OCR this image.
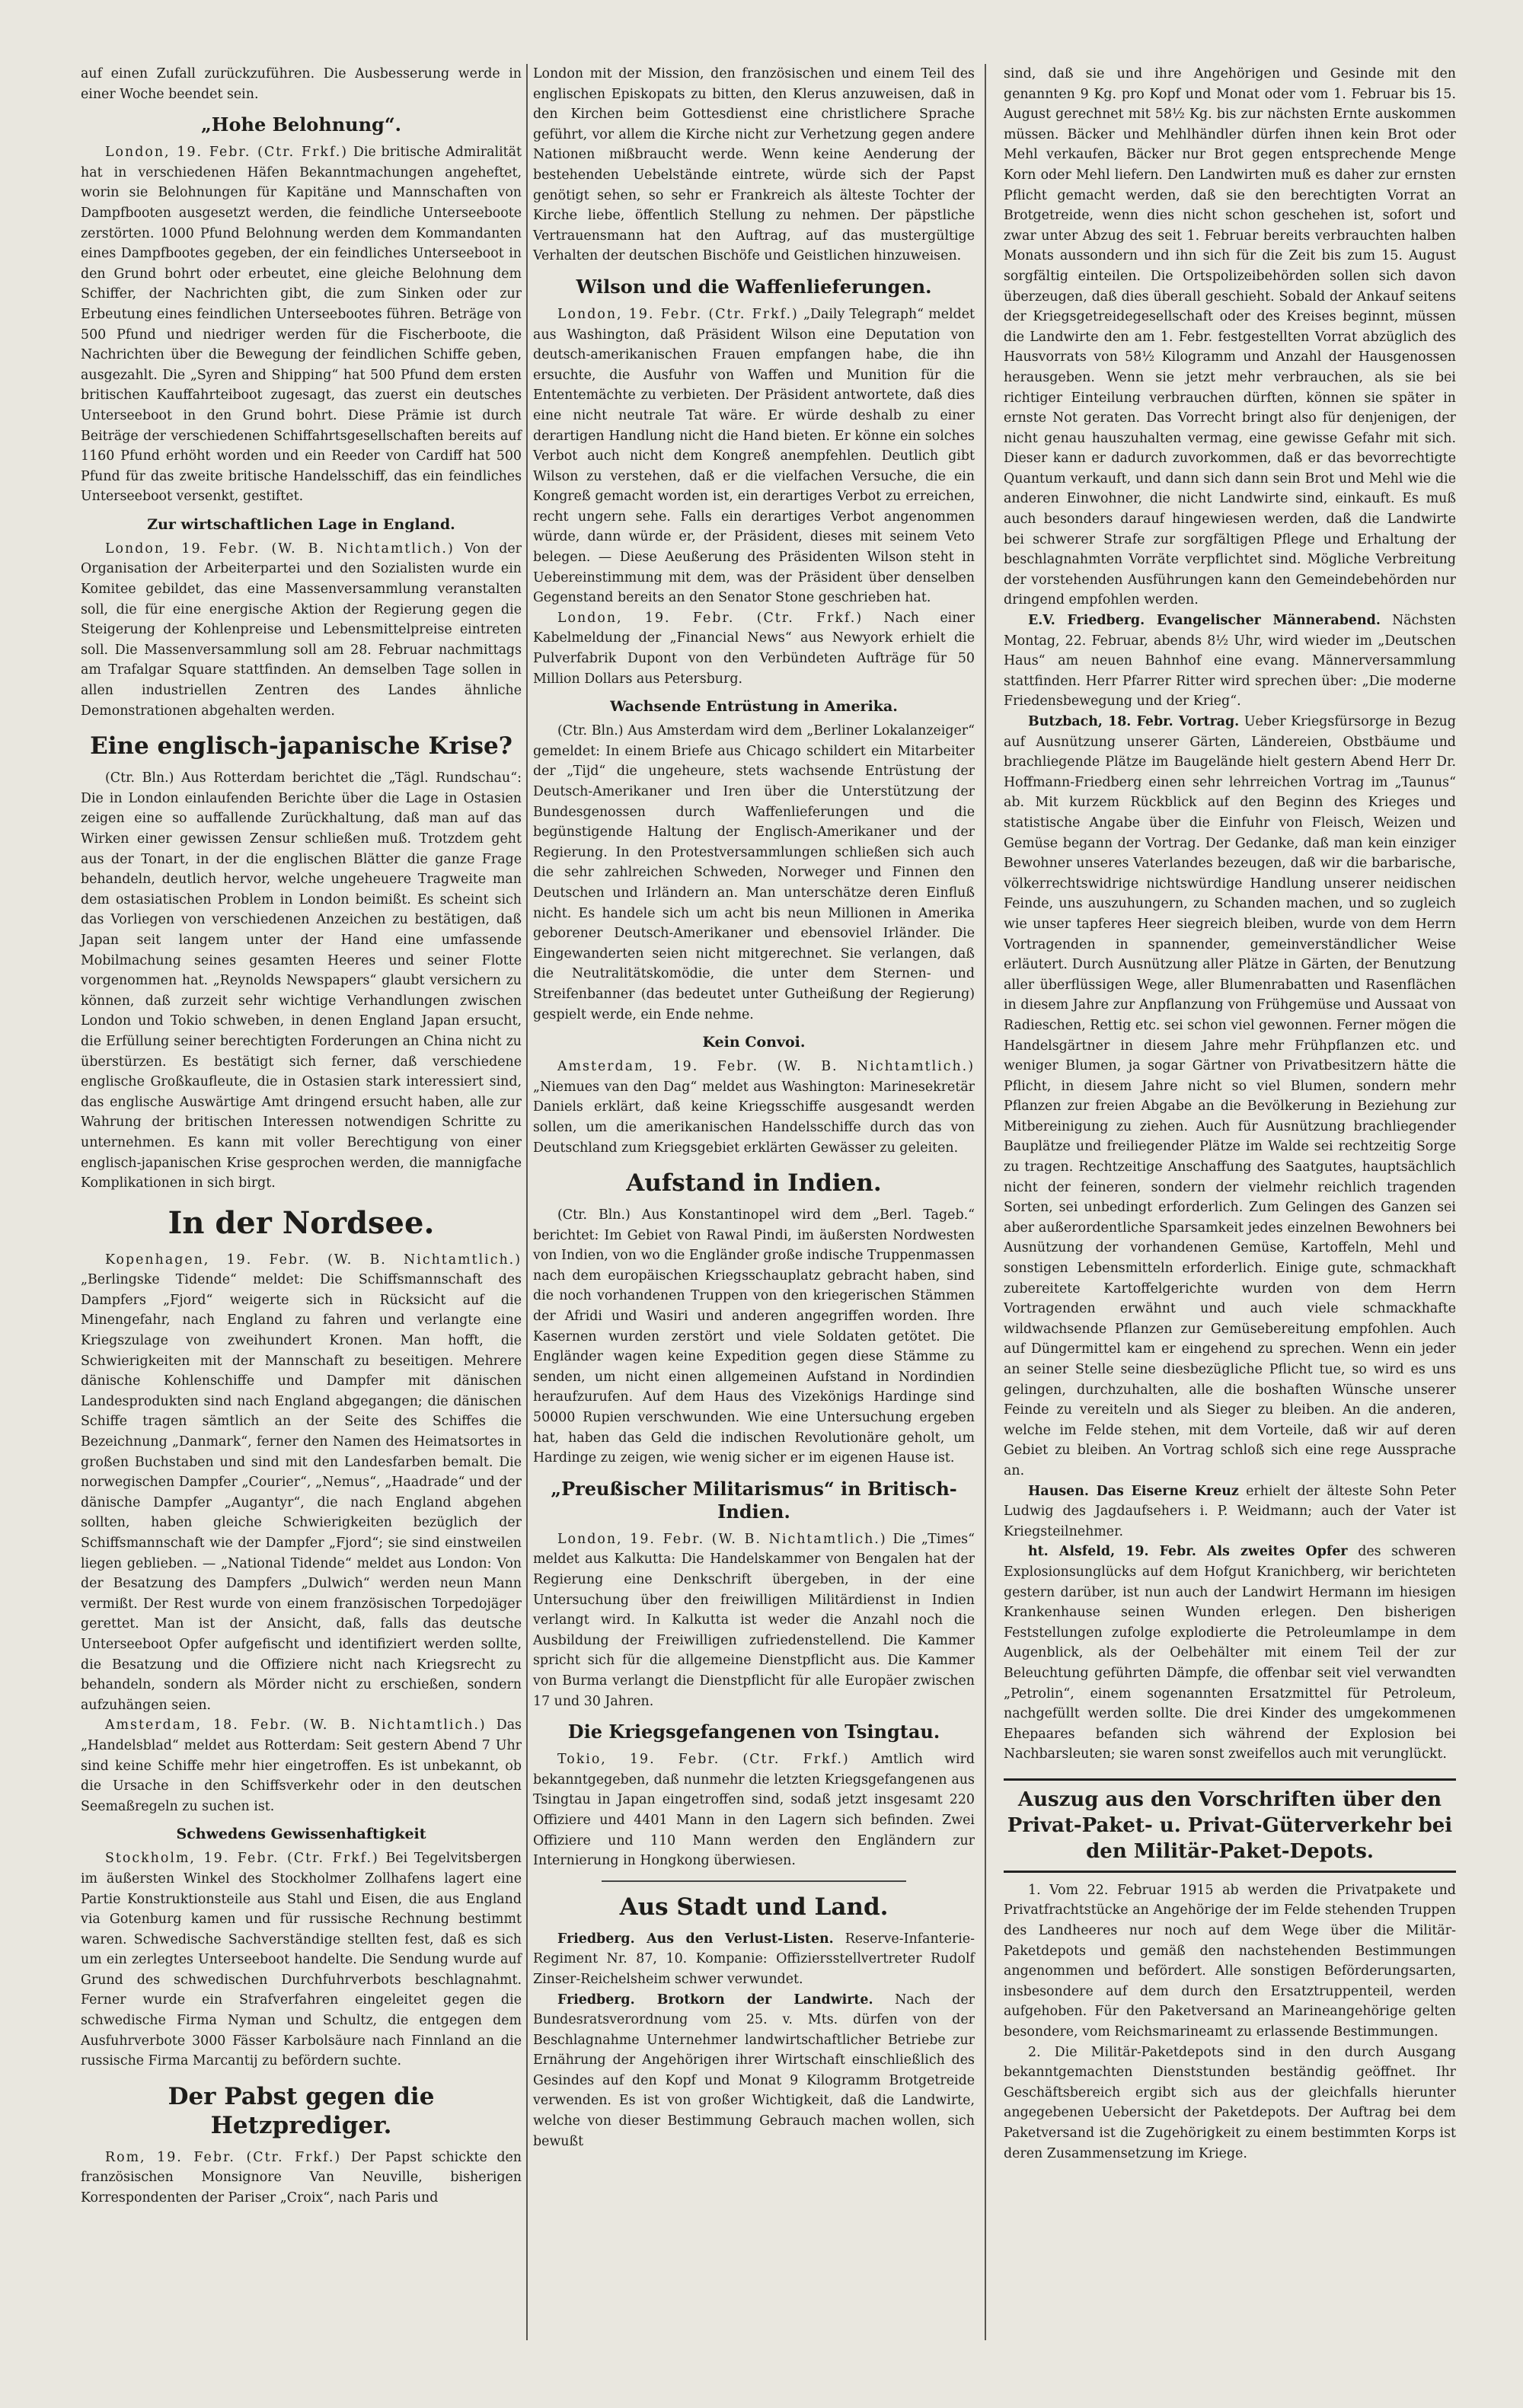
auf einen Zufall zurückzuführen. Die Ausbesserung werde in einer Woche beendet sein.

„Hohe Belohnung“.

London, 19. Febr. (Ctr. Frkf.) Die britische Admiralität hat in verschiedenen Häfen Bekanntmachungen angeheftet, worin sie Belohnungen für Kapitäne und Mannschaften von Dampfbooten ausgesetzt werden, die feindliche Unterseeboote zerstörten. 1000 Pfund Belohnung werden dem Kommandanten eines Dampfbootes gegeben, der ein feindliches Unterseeboot in den Grund bohrt oder erbeutet, eine gleiche Belohnung dem Schiffer, der Nachrichten gibt, die zum Sinken oder zur Erbeutung eines feindlichen Unterseebootes führen. Beträge von 500 Pfund und niedriger werden für die Fischerboote, die Nachrichten über die Bewegung der feindlichen Schiffe geben, ausgezahlt. Die „Syren and Shipping“ hat 500 Pfund dem ersten britischen Kauffahrteiboot zugesagt, das zuerst ein deutsches Unterseeboot in den Grund bohrt. Diese Prämie ist durch Beiträge der verschiedenen Schiffahrtsgesellschaften bereits auf 1160 Pfund erhöht worden und ein Reeder von Cardiff hat 500 Pfund für das zweite britische Handelsschiff, das ein feindliches Unterseeboot versenkt, gestiftet.

Zur wirtschaftlichen Lage in England.

London, 19. Febr. (W. B. Nichtamtlich.) Von der Organisation der Arbeiterpartei und den Sozialisten wurde ein Komitee gebildet, das eine Massenversammlung veranstalten soll, die für eine energische Aktion der Regierung gegen die Steigerung der Kohlenpreise und Lebensmittelpreise eintreten soll. Die Massenversammlung soll am 28. Februar nachmittags am Trafalgar Square stattfinden. An demselben Tage sollen in allen industriellen Zentren des Landes ähnliche Demonstrationen abgehalten werden.

Eine englisch-japanische Krise?

(Ctr. Bln.) Aus Rotterdam berichtet die „Tägl. Rundschau“: Die in London einlaufenden Berichte über die Lage in Ostasien zeigen eine so auffallende Zurückhaltung, daß man auf das Wirken einer gewissen Zensur schließen muß. Trotzdem geht aus der Tonart, in der die englischen Blätter die ganze Frage behandeln, deutlich hervor, welche ungeheuere Tragweite man dem ostasiatischen Problem in London beimißt. Es scheint sich das Vorliegen von verschiedenen Anzeichen zu bestätigen, daß Japan seit langem unter der Hand eine umfassende Mobilmachung seines gesamten Heeres und seiner Flotte vorgenommen hat. „Reynolds Newspapers“ glaubt versichern zu können, daß zurzeit sehr wichtige Verhandlungen zwischen London und Tokio schweben, in denen England Japan ersucht, die Erfüllung seiner berechtigten Forderungen an China nicht zu überstürzen. Es bestätigt sich ferner, daß verschiedene englische Großkaufleute, die in Ostasien stark interessiert sind, das englische Auswärtige Amt dringend ersucht haben, alle zur Wahrung der britischen Interessen notwendigen Schritte zu unternehmen. Es kann mit voller Berechtigung von einer englisch-japanischen Krise gesprochen werden, die mannigfache Komplikationen in sich birgt.

In der Nordsee.

Kopenhagen, 19. Febr. (W. B. Nichtamtlich.) „Berlingske Tidende“ meldet: Die Schiffsmannschaft des Dampfers „Fjord“ weigerte sich in Rücksicht auf die Minengefahr, nach England zu fahren und verlangte eine Kriegszulage von zweihundert Kronen. Man hofft, die Schwierigkeiten mit der Mannschaft zu beseitigen. Mehrere dänische Kohlenschiffe und Dampfer mit dänischen Landesprodukten sind nach England abgegangen; die dänischen Schiffe tragen sämtlich an der Seite des Schiffes die Bezeichnung „Danmark“, ferner den Namen des Heimatsortes in großen Buchstaben und sind mit den Landesfarben bemalt. Die norwegischen Dampfer „Courier“, „Nemus“, „Haadrade“ und der dänische Dampfer „Augantyr“, die nach England abgehen sollten, haben gleiche Schwierigkeiten bezüglich der Schiffsmannschaft wie der Dampfer „Fjord“; sie sind einstweilen liegen geblieben. — „National Tidende“ meldet aus London: Von der Besatzung des Dampfers „Dulwich“ werden neun Mann vermißt. Der Rest wurde von einem französischen Torpedojäger gerettet. Man ist der Ansicht, daß, falls das deutsche Unterseeboot Opfer aufgefischt und identifiziert werden sollte, die Besatzung und die Offiziere nicht nach Kriegsrecht zu behandeln, sondern als Mörder nicht zu erschießen, sondern aufzuhängen seien.

Amsterdam, 18. Febr. (W. B. Nichtamtlich.) Das „Handelsblad“ meldet aus Rotterdam: Seit gestern Abend 7 Uhr sind keine Schiffe mehr hier eingetroffen. Es ist unbekannt, ob die Ursache in den Schiffsverkehr oder in den deutschen Seemaßregeln zu suchen ist.

Schwedens Gewissenhaftigkeit

Stockholm, 19. Febr. (Ctr. Frkf.) Bei Tegelvitsbergen im äußersten Winkel des Stockholmer Zollhafens lagert eine Partie Konstruktionsteile aus Stahl und Eisen, die aus England via Gotenburg kamen und für russische Rechnung bestimmt waren. Schwedische Sachverständige stellten fest, daß es sich um ein zerlegtes Unterseeboot handelte. Die Sendung wurde auf Grund des schwedischen Durchfuhrverbots beschlagnahmt. Ferner wurde ein Strafverfahren eingeleitet gegen die schwedische Firma Nyman und Schultz, die entgegen dem Ausfuhrverbote 3000 Fässer Karbolsäure nach Finnland an die russische Firma Marcantij zu befördern suchte.

Der Pabst gegen die Hetzprediger.

Rom, 19. Febr. (Ctr. Frkf.) Der Papst schickte den französischen Monsignore Van Neuville, bisherigen Korrespondenten der Pariser „Croix“, nach Paris und

London mit der Mission, den französischen und einem Teil des englischen Episkopats zu bitten, den Klerus anzuweisen, daß in den Kirchen beim Gottesdienst eine christlichere Sprache geführt, vor allem die Kirche nicht zur Verhetzung gegen andere Nationen mißbraucht werde. Wenn keine Aenderung der bestehenden Uebelstände eintrete, würde sich der Papst genötigt sehen, so sehr er Frankreich als älteste Tochter der Kirche liebe, öffentlich Stellung zu nehmen. Der päpstliche Vertrauensmann hat den Auftrag, auf das mustergültige Verhalten der deutschen Bischöfe und Geistlichen hinzuweisen.

Wilson und die Waffenlieferungen.

London, 19. Febr. (Ctr. Frkf.) „Daily Telegraph“ meldet aus Washington, daß Präsident Wilson eine Deputation von deutsch-amerikanischen Frauen empfangen habe, die ihn ersuchte, die Ausfuhr von Waffen und Munition für die Ententemächte zu verbieten. Der Präsident antwortete, daß dies eine nicht neutrale Tat wäre. Er würde deshalb zu einer derartigen Handlung nicht die Hand bieten. Er könne ein solches Verbot auch nicht dem Kongreß anempfehlen. Deutlich gibt Wilson zu verstehen, daß er die vielfachen Versuche, die ein Kongreß gemacht worden ist, ein derartiges Verbot zu erreichen, recht ungern sehe. Falls ein derartiges Verbot angenommen würde, dann würde er, der Präsident, dieses mit seinem Veto belegen. — Diese Aeußerung des Präsidenten Wilson steht in Uebereinstimmung mit dem, was der Präsident über denselben Gegenstand bereits an den Senator Stone geschrieben hat.

London, 19. Febr. (Ctr. Frkf.) Nach einer Kabelmeldung der „Financial News“ aus Newyork erhielt die Pulverfabrik Dupont von den Verbündeten Aufträge für 50 Million Dollars aus Petersburg.

Wachsende Entrüstung in Amerika.

(Ctr. Bln.) Aus Amsterdam wird dem „Berliner Lokalanzeiger“ gemeldet: In einem Briefe aus Chicago schildert ein Mitarbeiter der „Tijd“ die ungeheure, stets wachsende Entrüstung der Deutsch-Amerikaner und Iren über die Unterstützung der Bundesgenossen durch Waffenlieferungen und die begünstigende Haltung der Englisch-Amerikaner und der Regierung. In den Protestversammlungen schließen sich auch die sehr zahlreichen Schweden, Norweger und Finnen den Deutschen und Irländern an. Man unterschätze deren Einfluß nicht. Es handele sich um acht bis neun Millionen in Amerika geborener Deutsch-Amerikaner und ebensoviel Irländer. Die Eingewanderten seien nicht mitgerechnet. Sie verlangen, daß die Neutralitätskomödie, die unter dem Sternen- und Streifenbanner (das bedeutet unter Gutheißung der Regierung) gespielt werde, ein Ende nehme.

Kein Convoi.

Amsterdam, 19. Febr. (W. B. Nichtamtlich.) „Niemues van den Dag“ meldet aus Washington: Marinesekretär Daniels erklärt, daß keine Kriegsschiffe ausgesandt werden sollen, um die amerikanischen Handelsschiffe durch das von Deutschland zum Kriegsgebiet erklärten Gewässer zu geleiten.

Aufstand in Indien.

(Ctr. Bln.) Aus Konstantinopel wird dem „Berl. Tageb.“ berichtet: Im Gebiet von Rawal Pindi, im äußersten Nordwesten von Indien, von wo die Engländer große indische Truppenmassen nach dem europäischen Kriegsschauplatz gebracht haben, sind die noch vorhandenen Truppen von den kriegerischen Stämmen der Afridi und Wasiri und anderen angegriffen worden. Ihre Kasernen wurden zerstört und viele Soldaten getötet. Die Engländer wagen keine Expedition gegen diese Stämme zu senden, um nicht einen allgemeinen Aufstand in Nordindien heraufzurufen. Auf dem Haus des Vizekönigs Hardinge sind 50000 Rupien verschwunden. Wie eine Untersuchung ergeben hat, haben das Geld die indischen Revolutionäre geholt, um Hardinge zu zeigen, wie wenig sicher er im eigenen Hause ist.

„Preußischer Militarismus“ in Britisch-Indien.

London, 19. Febr. (W. B. Nichtamtlich.) Die „Times“ meldet aus Kalkutta: Die Handelskammer von Bengalen hat der Regierung eine Denkschrift übergeben, in der eine Untersuchung über den freiwilligen Militärdienst in Indien verlangt wird. In Kalkutta ist weder die Anzahl noch die Ausbildung der Freiwilligen zufriedenstellend. Die Kammer spricht sich für die allgemeine Dienstpflicht aus. Die Kammer von Burma verlangt die Dienstpflicht für alle Europäer zwischen 17 und 30 Jahren.

Die Kriegsgefangenen von Tsingtau.

Tokio, 19. Febr. (Ctr. Frkf.) Amtlich wird bekanntgegeben, daß nunmehr die letzten Kriegsgefangenen aus Tsingtau in Japan eingetroffen sind, sodaß jetzt insgesamt 220 Offiziere und 4401 Mann in den Lagern sich befinden. Zwei Offiziere und 110 Mann werden den Engländern zur Internierung in Hongkong überwiesen.

Aus Stadt und Land.

Friedberg. Aus den Verlust-Listen. Reserve-Infanterie-Regiment Nr. 87, 10. Kompanie: Offiziersstellvertreter Rudolf Zinser-Reichelsheim schwer verwundet.

Friedberg. Brotkorn der Landwirte. Nach der Bundesratsverordnung vom 25. v. Mts. dürfen von der Beschlagnahme Unternehmer landwirtschaftlicher Betriebe zur Ernährung der Angehörigen ihrer Wirtschaft einschließlich des Gesindes auf den Kopf und Monat 9 Kilogramm Brotgetreide verwenden. Es ist von großer Wichtigkeit, daß die Landwirte, welche von dieser Bestimmung Gebrauch machen wollen, sich bewußt

sind, daß sie und ihre Angehörigen und Gesinde mit den genannten 9 Kg. pro Kopf und Monat oder vom 1. Februar bis 15. August gerechnet mit 58½ Kg. bis zur nächsten Ernte auskommen müssen. Bäcker und Mehlhändler dürfen ihnen kein Brot oder Mehl verkaufen, Bäcker nur Brot gegen entsprechende Menge Korn oder Mehl liefern. Den Landwirten muß es daher zur ernsten Pflicht gemacht werden, daß sie den berechtigten Vorrat an Brotgetreide, wenn dies nicht schon geschehen ist, sofort und zwar unter Abzug des seit 1. Februar bereits verbrauchten halben Monats aussondern und ihn sich für die Zeit bis zum 15. August sorgfältig einteilen. Die Ortspolizeibehörden sollen sich davon überzeugen, daß dies überall geschieht. Sobald der Ankauf seitens der Kriegsgetreidegesellschaft oder des Kreises beginnt, müssen die Landwirte den am 1. Febr. festgestellten Vorrat abzüglich des Hausvorrats von 58½ Kilogramm und Anzahl der Hausgenossen herausgeben. Wenn sie jetzt mehr verbrauchen, als sie bei richtiger Einteilung verbrauchen dürften, können sie später in ernste Not geraten. Das Vorrecht bringt also für denjenigen, der nicht genau hauszuhalten vermag, eine gewisse Gefahr mit sich. Dieser kann er dadurch zuvorkommen, daß er das bevorrechtigte Quantum verkauft, und dann sich dann sein Brot und Mehl wie die anderen Einwohner, die nicht Landwirte sind, einkauft. Es muß auch besonders darauf hingewiesen werden, daß die Landwirte bei schwerer Strafe zur sorgfältigen Pflege und Erhaltung der beschlagnahmten Vorräte verpflichtet sind. Mögliche Verbreitung der vorstehenden Ausführungen kann den Gemeindebehörden nur dringend empfohlen werden.

E.V. Friedberg. Evangelischer Männerabend. Nächsten Montag, 22. Februar, abends 8½ Uhr, wird wieder im „Deutschen Haus“ am neuen Bahnhof eine evang. Männerversammlung stattfinden. Herr Pfarrer Ritter wird sprechen über: „Die moderne Friedensbewegung und der Krieg“.

Butzbach, 18. Febr. Vortrag. Ueber Kriegsfürsorge in Bezug auf Ausnützung unserer Gärten, Ländereien, Obstbäume und brachliegende Plätze im Baugelände hielt gestern Abend Herr Dr. Hoffmann-Friedberg einen sehr lehrreichen Vortrag im „Taunus“ ab. Mit kurzem Rückblick auf den Beginn des Krieges und statistische Angabe über die Einfuhr von Fleisch, Weizen und Gemüse begann der Vortrag. Der Gedanke, daß man kein einziger Bewohner unseres Vaterlandes bezeugen, daß wir die barbarische, völkerrechtswidrige nichtswürdige Handlung unserer neidischen Feinde, uns auszuhungern, zu Schanden machen, und so zugleich wie unser tapferes Heer siegreich bleiben, wurde von dem Herrn Vortragenden in spannender, gemeinverständlicher Weise erläutert. Durch Ausnützung aller Plätze in Gärten, der Benutzung aller überflüssigen Wege, aller Blumenrabatten und Rasenflächen in diesem Jahre zur Anpflanzung von Frühgemüse und Aussaat von Radieschen, Rettig etc. sei schon viel gewonnen. Ferner mögen die Handelsgärtner in diesem Jahre mehr Frühpflanzen etc. und weniger Blumen, ja sogar Gärtner von Privatbesitzern hätte die Pflicht, in diesem Jahre nicht so viel Blumen, sondern mehr Pflanzen zur freien Abgabe an die Bevölkerung in Beziehung zur Mitbereinigung zu ziehen. Auch für Ausnützung brachliegender Bauplätze und freiliegender Plätze im Walde sei rechtzeitig Sorge zu tragen. Rechtzeitige Anschaffung des Saatgutes, hauptsächlich nicht der feineren, sondern der vielmehr reichlich tragenden Sorten, sei unbedingt erforderlich. Zum Gelingen des Ganzen sei aber außerordentliche Sparsamkeit jedes einzelnen Bewohners bei Ausnützung der vorhandenen Gemüse, Kartoffeln, Mehl und sonstigen Lebensmitteln erforderlich. Einige gute, schmackhaft zubereitete Kartoffelgerichte wurden von dem Herrn Vortragenden erwähnt und auch viele schmackhafte wildwachsende Pflanzen zur Gemüsebereitung empfohlen. Auch auf Düngermittel kam er eingehend zu sprechen. Wenn ein jeder an seiner Stelle seine diesbezügliche Pflicht tue, so wird es uns gelingen, durchzuhalten, alle die boshaften Wünsche unserer Feinde zu vereiteln und als Sieger zu bleiben. An die anderen, welche im Felde stehen, mit dem Vorteile, daß wir auf deren Gebiet zu bleiben. An Vortrag schloß sich eine rege Aussprache an.

Hausen. Das Eiserne Kreuz erhielt der älteste Sohn Peter Ludwig des Jagdaufsehers i. P. Weidmann; auch der Vater ist Kriegsteilnehmer.

ht. Alsfeld, 19. Febr. Als zweites Opfer des schweren Explosionsunglücks auf dem Hofgut Kranichberg, wir berichteten gestern darüber, ist nun auch der Landwirt Hermann im hiesigen Krankenhause seinen Wunden erlegen. Den bisherigen Feststellungen zufolge explodierte die Petroleumlampe in dem Augenblick, als der Oelbehälter mit einem Teil der zur Beleuchtung geführten Dämpfe, die offenbar seit viel verwandten „Petrolin“, einem sogenannten Ersatzmittel für Petroleum, nachgefüllt werden sollte. Die drei Kinder des umgekommenen Ehepaares befanden sich während der Explosion bei Nachbarsleuten; sie waren sonst zweifellos auch mit verunglückt.

Auszug aus den Vorschriften über den Privat-Paket- u. Privat-Güterverkehr bei den Militär-Paket-Depots.

1. Vom 22. Februar 1915 ab werden die Privatpakete und Privatfrachtstücke an Angehörige der im Felde stehenden Truppen des Landheeres nur noch auf dem Wege über die Militär-Paketdepots und gemäß den nachstehenden Bestimmungen angenommen und befördert. Alle sonstigen Beförderungsarten, insbesondere auf dem durch den Ersatztruppenteil, werden aufgehoben. Für den Paketversand an Marineangehörige gelten besondere, vom Reichsmarineamt zu erlassende Bestimmungen.

2. Die Militär-Paketdepots sind in den durch Ausgang bekanntgemachten Dienststunden beständig geöffnet. Ihr Geschäftsbereich ergibt sich aus der gleichfalls hierunter angegebenen Uebersicht der Paketdepots. Der Auftrag bei dem Paketversand ist die Zugehörigkeit zu einem bestimmten Korps ist deren Zusammensetzung im Kriege.
